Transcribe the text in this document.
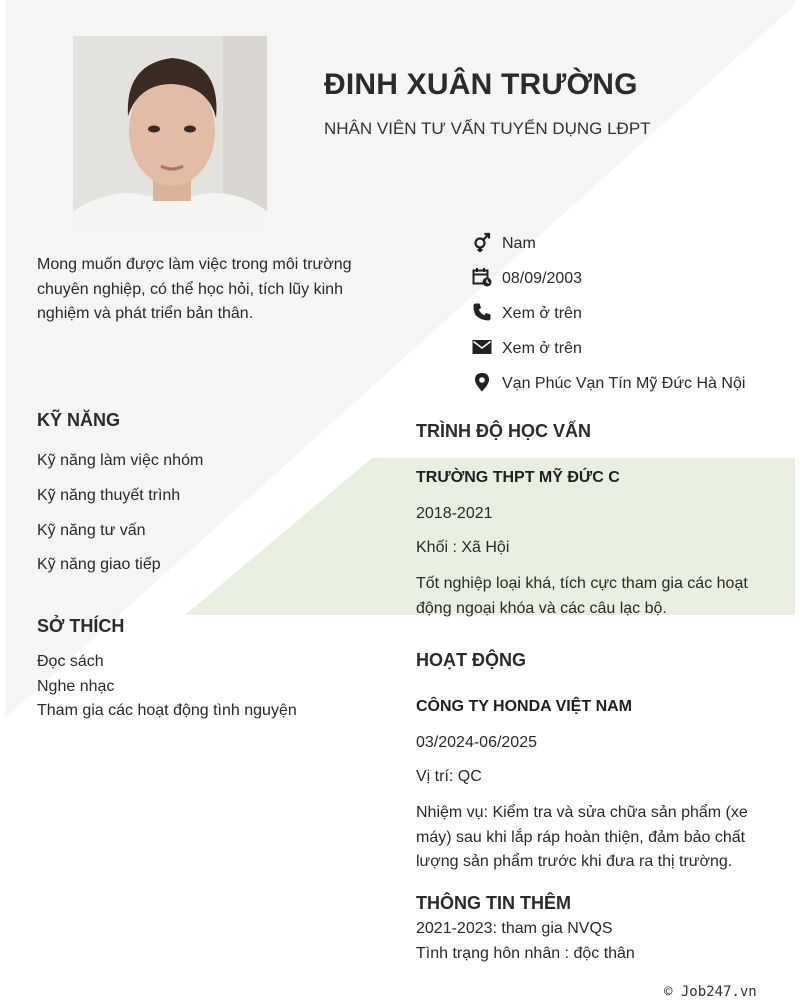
ĐINH XUÂN TRƯỜNG
NHÂN VIÊN TƯ VẤN TUYỂN DỤNG LĐPT
Mong muốn được làm việc trong môi trường chuyên nghiệp, có thể học hỏi, tích lũy kinh nghiệm và phát triển bản thân.
Nam
08/09/2003
Xem ở trên
Xem ở trên
Vạn Phúc Vạn Tín Mỹ Đức Hà Nội
KỸ NĂNG
Kỹ năng làm việc nhóm
Kỹ năng thuyết trình
Kỹ năng tư vấn
Kỹ năng giao tiếp
SỞ THÍCH
Đọc sách
Nghe nhạc
Tham gia các hoạt động tình nguyện
TRÌNH ĐỘ HỌC VẤN
TRƯỜNG THPT MỸ ĐỨC C
2018-2021
Khối : Xã Hội
Tốt nghiệp loại khá, tích cực tham gia các hoạt động ngoại khóa và các câu lạc bộ.
HOẠT ĐỘNG
CÔNG TY HONDA VIỆT NAM
03/2024-06/2025
Vị trí: QC
Nhiệm vụ: Kiểm tra và sửa chữa sản phẩm (xe máy) sau khi lắp ráp hoàn thiện, đảm bảo chất lượng sản phẩm trước khi đưa ra thị trường.
THÔNG TIN THÊM
2021-2023: tham gia NVQS
Tình trạng hôn nhân : độc thân
© Job247.vn
